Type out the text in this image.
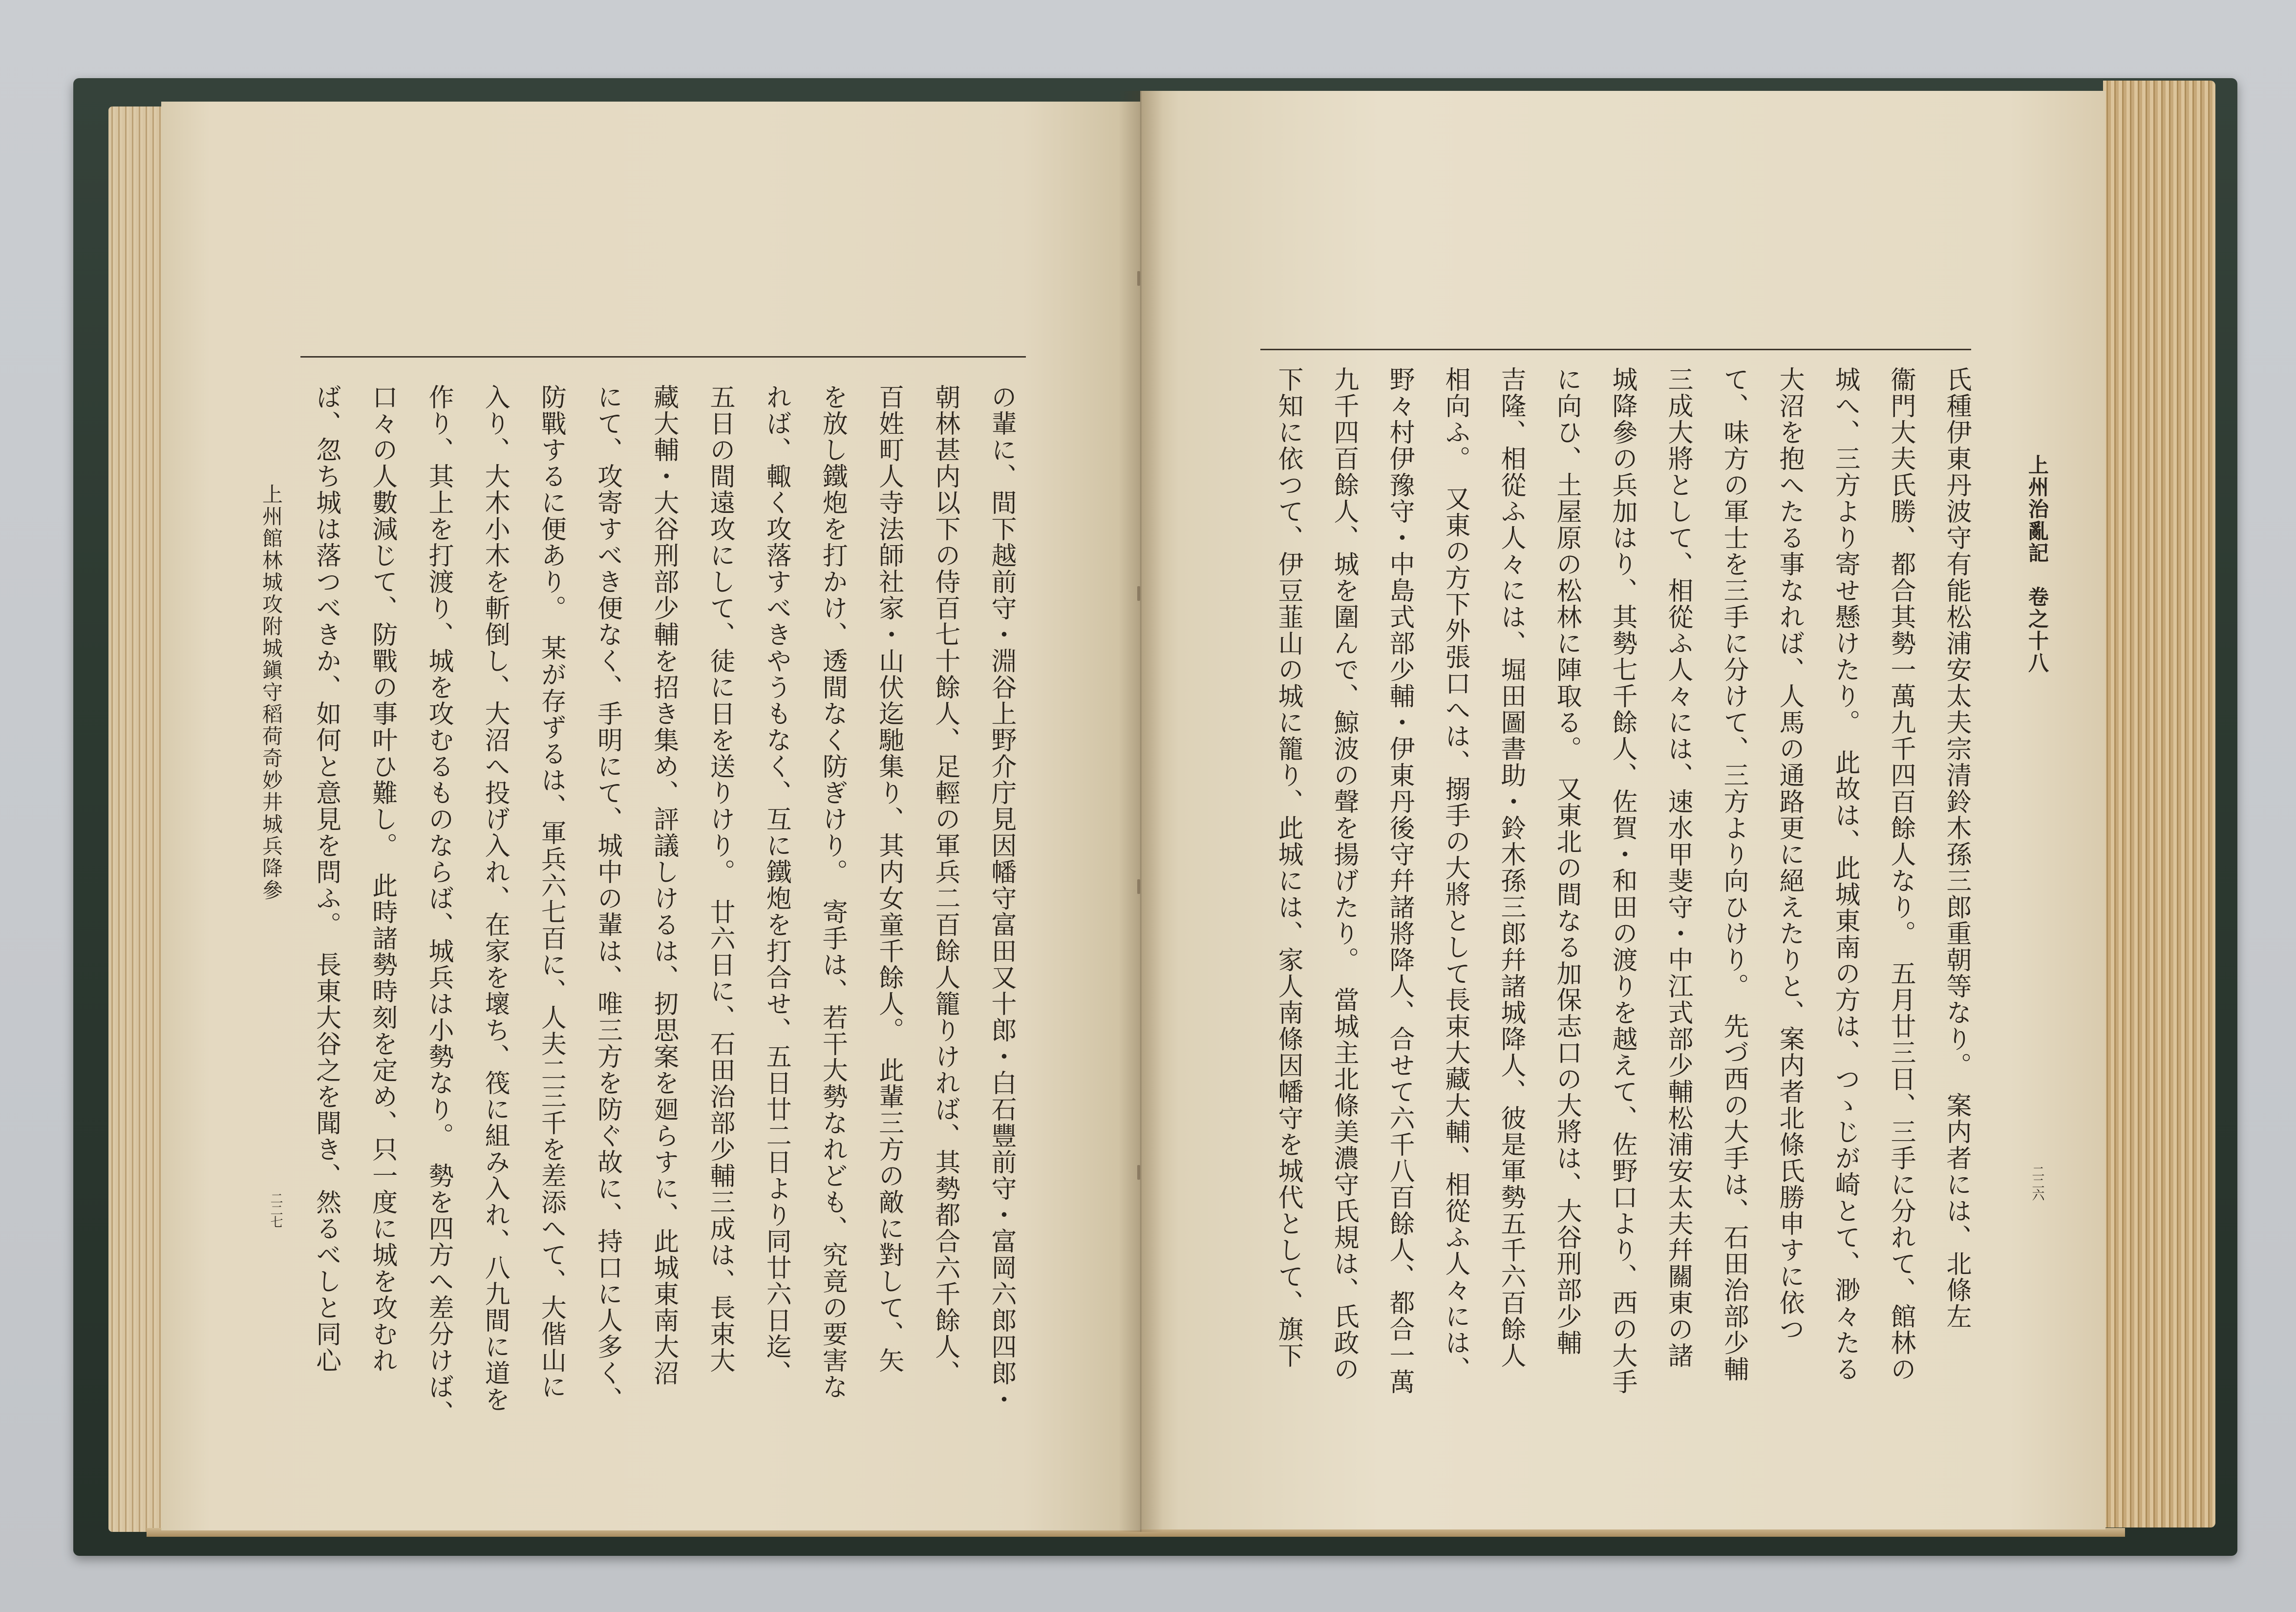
の輩に、間下越前守・淵谷上野介庁見因幡守富田又十郎・白石豐前守・富岡六郎四郎・
朝林甚内以下の侍百七十餘人、足輕の軍兵二百餘人籠りければ、其勢都合六千餘人、
百姓町人寺法師社家・山伏迄馳集り、其内女童千餘人。　此輩三方の敵に對して、矢
を放し鐵炮を打かけ、透間なく防ぎけり。　寄手は、若干大勢なれども、究竟の要害な
れば、輙く攻落すべきやうもなく、互に鐵炮を打合せ、五日廿二日より同廿六日迄、
五日の間遠攻にして、徒に日を送りけり。　廿六日に、石田治部少輔三成は、長束大
藏大輔・大谷刑部少輔を招き集め、評議しけるは、扨思案を廻らすに、此城東南大沼
にて、攻寄すべき便なく、手明にて、城中の輩は、唯三方を防ぐ故に、持口に人多く、
防戰するに便あり。　某が存ずるは、軍兵六七百に、人夫二三千を差添へて、大偕山に
入り、大木小木を斬倒し、大沼へ投げ入れ、在家を壞ち、筏に組み入れ、八九間に道を
作り、其上を打渡り、城を攻むるものならば、城兵は小勢なり。　勢を四方へ差分けば、
口々の人數減じて、防戰の事叶ひ難し。　此時諸勢時刻を定め、只一度に城を攻むれ
ば、忽ち城は落つべきか、如何と意見を問ふ。　長東大谷之を聞き、然るべしと同心
上州館林城攻附城鎭守稻荷奇妙井城兵降參
二二七	氏種伊東丹波守有能松浦安太夫宗清鈴木孫三郎重朝等なり。　案内者には、北條左
衞門大夫氏勝、都合其勢一萬九千四百餘人なり。　五月廿三日、三手に分れて、館林の
城へ、三方より寄せ懸けたり。　此故は、此城東南の方は、つゝじが崎とて、渺々たる
大沼を抱へたる事なれば、人馬の通路更に絕えたりと、案内者北條氏勝申すに依つ
て、味方の軍士を三手に分けて、三方より向ひけり。　先づ西の大手は、石田治部少輔
三成大將として、相從ふ人々には、速水甲斐守・中江式部少輔松浦安太夫幷關東の諸
城降參の兵加はり、其勢七千餘人、佐賀・和田の渡りを越えて、佐野口より、西の大手
に向ひ、土屋原の松林に陣取る。　又東北の間なる加保志口の大將は、大谷刑部少輔
吉隆、相從ふ人々には、堀田圖書助・鈴木孫三郎幷諸城降人、彼是軍勢五千六百餘人
相向ふ。　又東の方下外張口へは、搦手の大將として長束大藏大輔、相從ふ人々には、
野々村伊豫守・中島式部少輔・伊東丹後守幷諸將降人、合せて六千八百餘人、都合一萬
九千四百餘人、城を圍んで、鯨波の聲を揚げたり。　當城主北條美濃守氏規は、氏政の
下知に依つて、伊豆韮山の城に籠り、此城には、家人南條因幡守を城代として、旗下	上州治亂記　卷之十八
二二六
